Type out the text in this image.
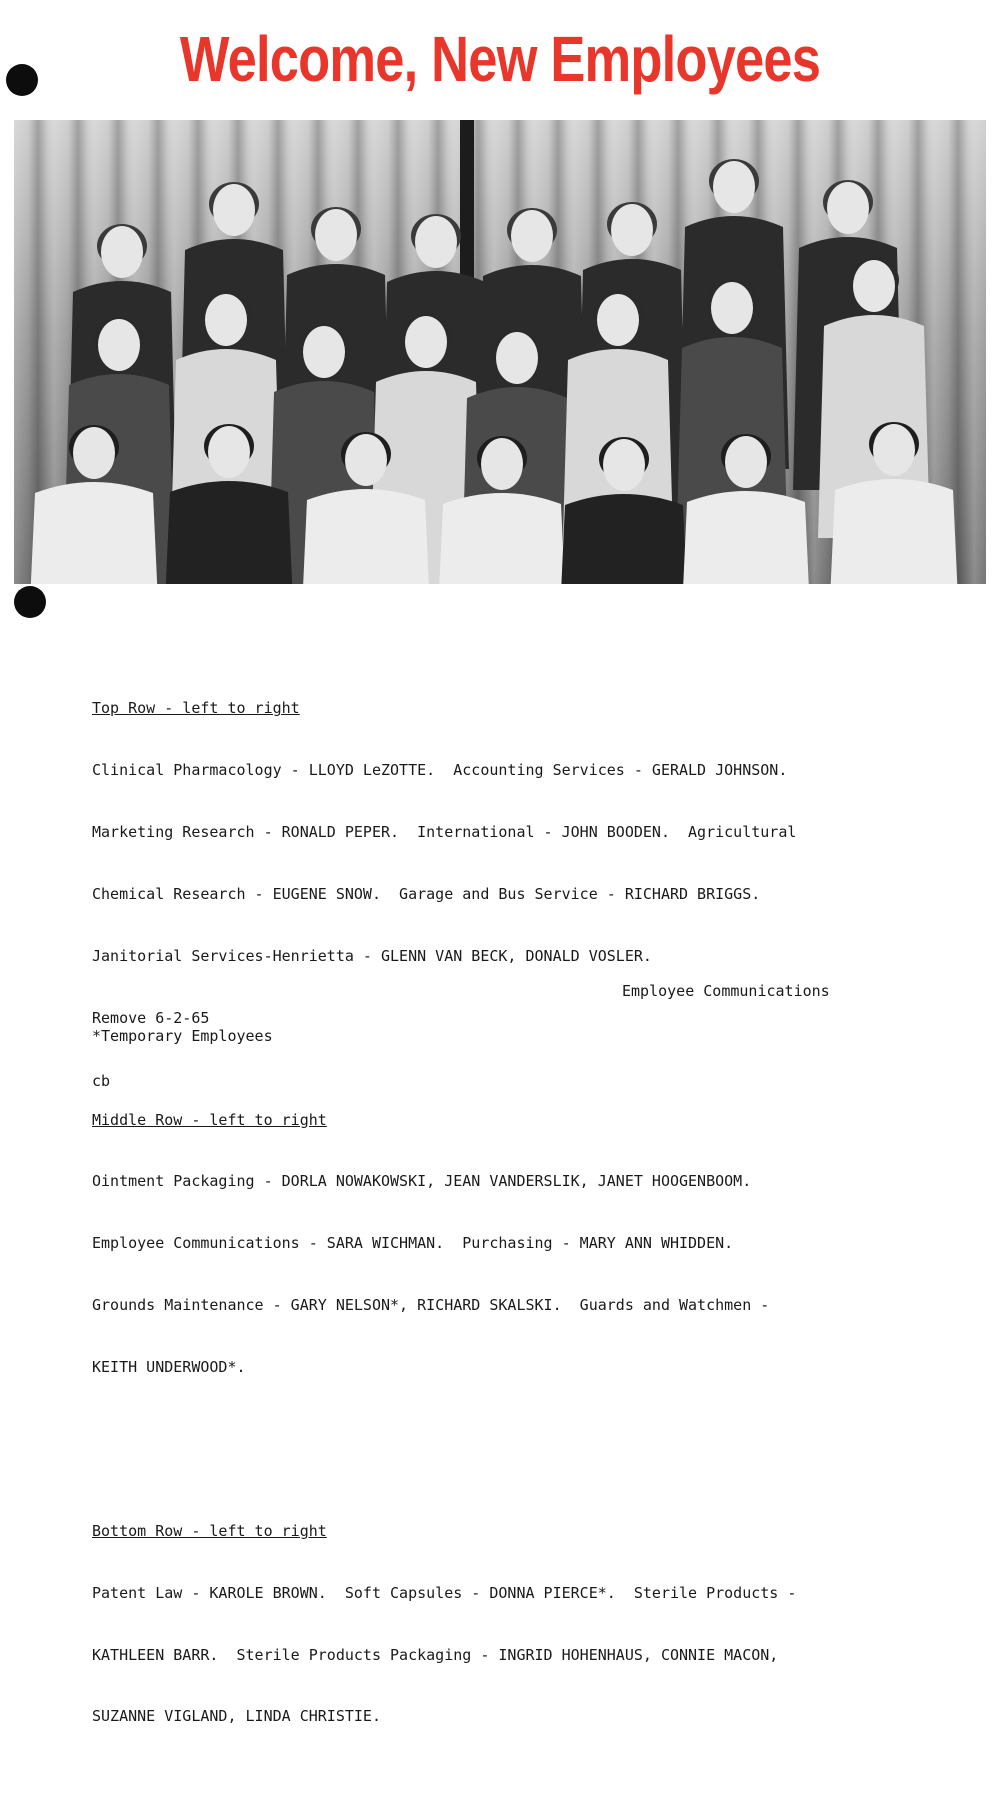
Welcome, New Employees

Top Row - left to right

Clinical Pharmacology - LLOYD LeZOTTE.  Accounting Services - GERALD JOHNSON.

Marketing Research - RONALD PEPER.  International - JOHN BOODEN.  Agricultural

Chemical Research - EUGENE SNOW.  Garage and Bus Service - RICHARD BRIGGS.

Janitorial Services-Henrietta - GLENN VAN BECK, DONALD VOSLER.

Middle Row - left to right

Ointment Packaging - DORLA NOWAKOWSKI, JEAN VANDERSLIK, JANET HOOGENBOOM.

Employee Communications - SARA WICHMAN.  Purchasing - MARY ANN WHIDDEN.

Grounds Maintenance - GARY NELSON*, RICHARD SKALSKI.  Guards and Watchmen -

KEITH UNDERWOOD*.

Bottom Row - left to right

Patent Law - KAROLE BROWN.  Soft Capsules - DONNA PIERCE*.  Sterile Products -

KATHLEEN BARR.  Sterile Products Packaging - INGRID HOHENHAUS, CONNIE MACON,

SUZANNE VIGLAND, LINDA CHRISTIE.

Remove 6-2-65

cb

Employee Communications
*Temporary Employees
